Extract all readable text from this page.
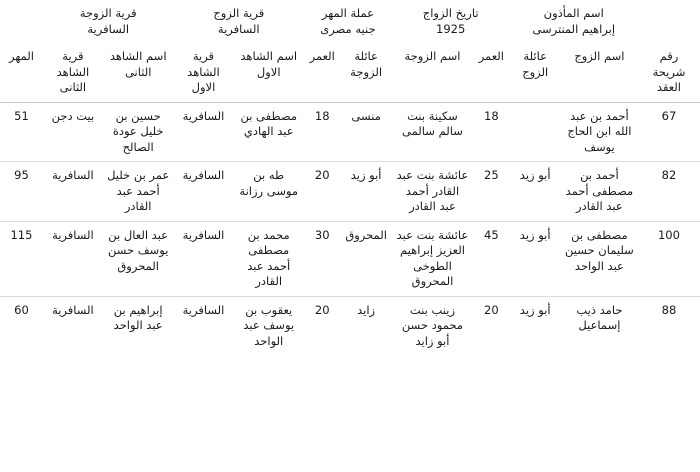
اسم المأذون
إبراهيم المنترسى

تاريخ الزواج
1925

عملة المهر
جنيه مصرى

قرية الزوج
السافرية

قرية الزوجة
السافرية

رقم شريحة العقد	اسم الزوج	عائلة الزوج	العمر	اسم الزوجة	عائلة الزوجة	العمر	اسم الشاهد الاول	قرية الشاهد الاول	اسم الشاهد الثانى	قرية الشاهد الثانى	المهر
67	أحمد بن عبد الله ابن الحاج يوسف		18	سكينة بنت سالم سالمى	منسى	18	مصطفى بن عبد الهادي	السافرية	حسين بن خليل عودة الصالح	بيت دجن	51
82	أحمد بن مصطفى أحمد عبد القادر	أبو زيد	25	عائشة بنت عبد القادر أحمد عبد القادر	أبو زيد	20	طه بن موسى رزانة	السافرية	عمر بن خليل أحمد عبد القادر	السافرية	95
100	مصطفى بن سليمان حسين عبد الواحد	أبو زيد	45	عائشة بنت عبد العزيز إبراهيم الطوخى المحروق	المحروق	30	محمد بن مصطفى أحمد عبد القادر	السافرية	عبد العال بن يوسف حسن المحروق	السافرية	115
88	حامد ذيب إسماعيل	أبو زيد	20	زينب بنت محمود حسن أبو زايد	زايد	20	يعقوب بن يوسف عبد الواحد	السافرية	إبراهيم بن عبد الواحد	السافرية	60
